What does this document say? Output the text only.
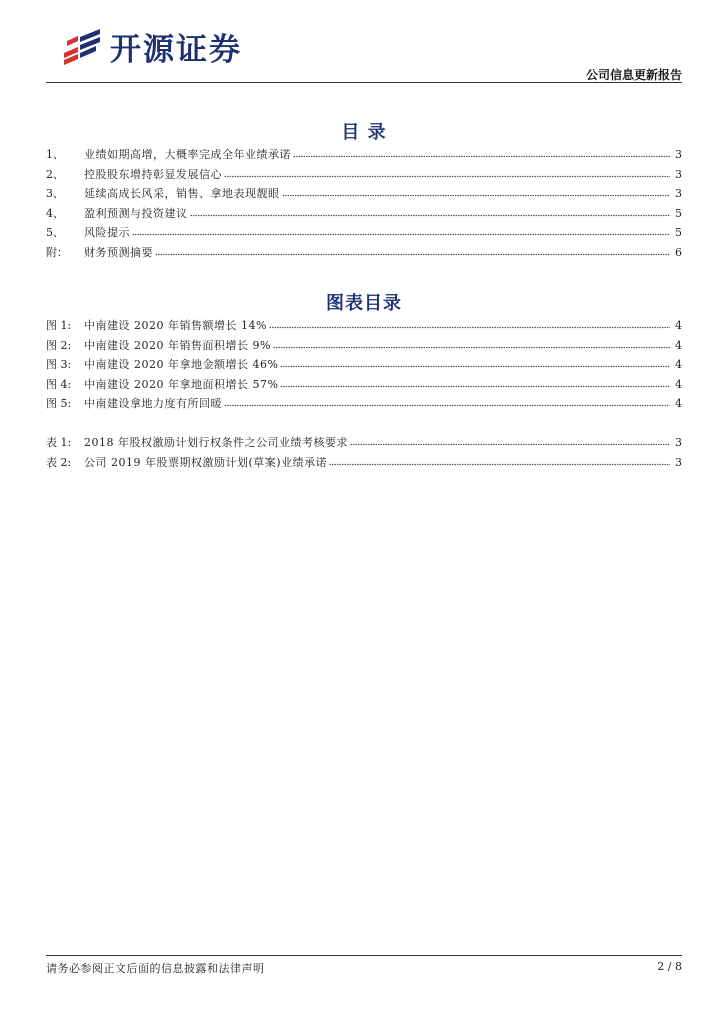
开源证券
公司信息更新报告
目 录
1、	业绩如期高增，大概率完成全年业绩承诺	3
2、	控股股东增持彰显发展信心	3
3、	延续高成长风采，销售、拿地表现靓眼	3
4、	盈利预测与投资建议	5
5、	风险提示	5
附：	财务预测摘要	6
图表目录
图 1:	中南建设 2020 年销售额增长 14%	4
图 2:	中南建设 2020 年销售面积增长 9%	4
图 3:	中南建设 2020 年拿地金额增长 46%	4
图 4:	中南建设 2020 年拿地面积增长 57%	4
图 5:	中南建设拿地力度有所回暖	4
表 1:	2018 年股权激励计划行权条件之公司业绩考核要求	3
表 2:	公司 2019 年股票期权激励计划(草案)业绩承诺	3
请务必参阅正文后面的信息披露和法律声明	2 / 8
